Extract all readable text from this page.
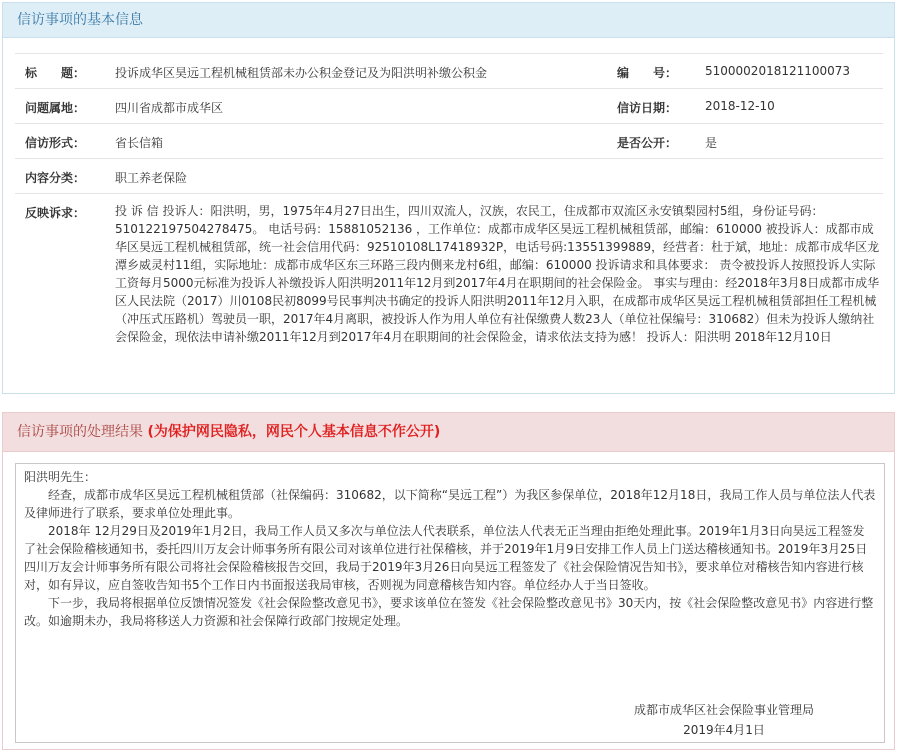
信访事项的基本信息
标　　题： 投诉成华区昊远工程机械租赁部未办公积金登记及为阳洪明补缴公积金	编　　号： 5100002018121100073
问题属地： 四川省成都市成华区	信访日期： 2018-12-10
信访形式： 省长信箱	是否公开： 是
内容分类： 职工养老保险
反映诉求： 投 诉 信 投诉人：阳洪明，男，1975年4月27日出生，四川双流人，汉族，农民工，住成都市双流区永安镇梨园村5组，身份证号码：510122197504278475。 电话号码：15881052136 ，工作单位：成都市成华区昊远工程机械租赁部，邮编：610000 被投诉人：成都市成华区昊远工程机械租赁部，统一社会信用代码：92510108L17418932P，电话号码:13551399889，经营者：杜于斌，地址：成都市成华区龙潭乡威灵村11组，实际地址：成都市成华区东三环路三段内侧来龙村6组，邮编：610000 投诉请求和具体要求： 责令被投诉人按照投诉人实际工资每月5000元标准为投诉人补缴投诉人阳洪明2011年12月到2017年4月在职期间的社会保险金。 事实与理由：经2018年3月8日成都市成华区人民法院（2017）川0108民初8099号民事判决书确定的投诉人阳洪明2011年12月入职，在成都市成华区昊远工程机械租赁部担任工程机械（冲压式压路机）驾驶员一职，2017年4月离职，被投诉人作为用人单位有社保缴费人数23人（单位社保编号：310682）但未为投诉人缴纳社会保险金，现依法申请补缴2011年12月到2017年4月在职期间的社会保险金，请求依法支持为感！ 投诉人：阳洪明 2018年12月10日
信访事项的处理结果 (为保护网民隐私，网民个人基本信息不作公开)

阳洪明先生：

经查，成都市成华区昊远工程机械租赁部（社保编码：310682，以下简称“昊远工程”）为我区参保单位，2018年12月18日，我局工作人员与单位法人代表及律师进行了联系，要求单位处理此事。

2018年 12月29日及2019年1月2日，我局工作人员又多次与单位法人代表联系，单位法人代表无正当理由拒绝处理此事。2019年1月3日向昊远工程签发了社会保险稽核通知书，委托四川万友会计师事务所有限公司对该单位进行社保稽核，并于2019年1月9日安排工作人员上门送达稽核通知书。2019年3月25日四川万友会计师事务所有限公司将社会保险稽核报告交回，我局于2019年3月26日向昊远工程签发了《社会保险情况告知书》，要求单位对稽核告知内容进行核对，如有异议，应自签收告知书5个工作日内书面报送我局审核，否则视为同意稽核告知内容。单位经办人于当日签收。

下一步，我局将根据单位反馈情况签发《社会保险整改意见书》，要求该单位在签发《社会保险整改意见书》30天内，按《社会保险整改意见书》内容进行整改。如逾期未办，我局将移送人力资源和社会保障行政部门按规定处理。

成都市成华区社会保险事业管理局
2019年4月1日
